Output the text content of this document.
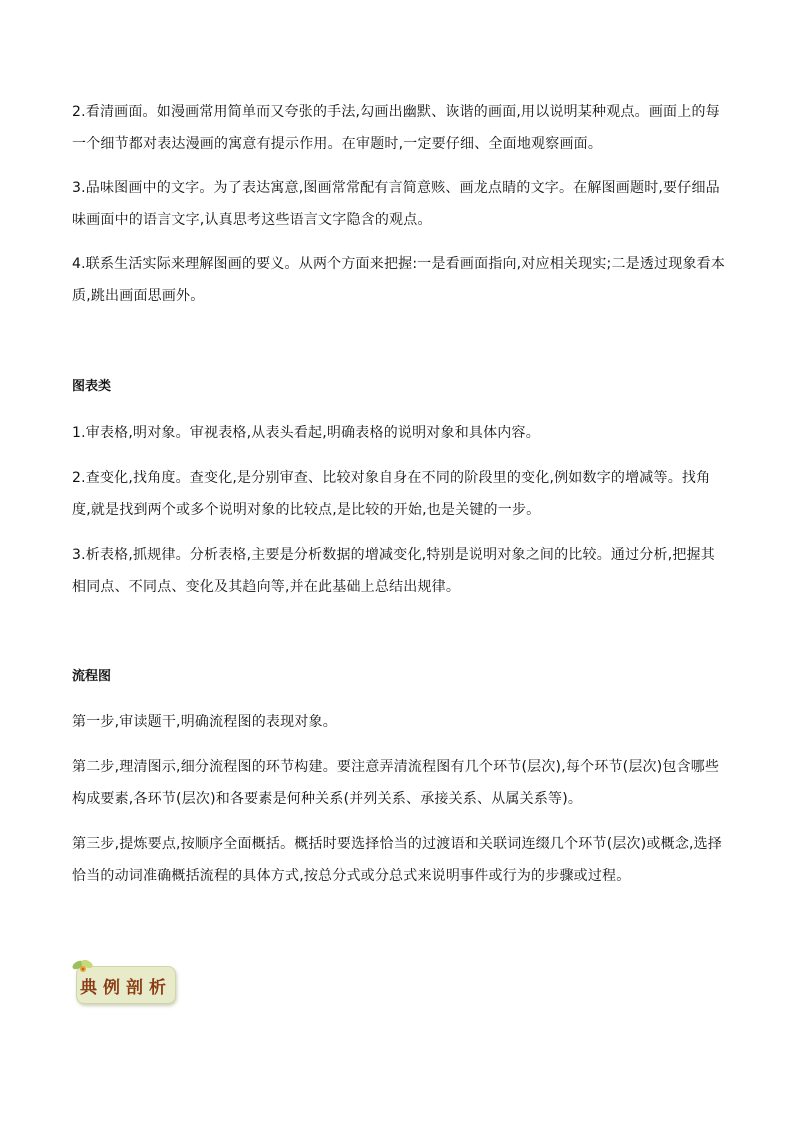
2.看清画面。如漫画常用简单而又夸张的手法,勾画出幽默、诙谐的画面,用以说明某种观点。画面上的每一个细节都对表达漫画的寓意有提示作用。在审题时,一定要仔细、全面地观察画面。

3.品味图画中的文字。为了表达寓意,图画常常配有言简意赅、画龙点睛的文字。在解图画题时,要仔细品味画面中的语言文字,认真思考这些语言文字隐含的观点。

4.联系生活实际来理解图画的要义。从两个方面来把握:一是看画面指向,对应相关现实;二是透过现象看本质,跳出画面思画外。

图表类

1.审表格,明对象。审视表格,从表头看起,明确表格的说明对象和具体内容。

2.查变化,找角度。查变化,是分别审查、比较对象自身在不同的阶段里的变化,例如数字的增减等。找角度,就是找到两个或多个说明对象的比较点,是比较的开始,也是关键的一步。

3.析表格,抓规律。分析表格,主要是分析数据的增减变化,特别是说明对象之间的比较。通过分析,把握其相同点、不同点、变化及其趋向等,并在此基础上总结出规律。

流程图

第一步,审读题干,明确流程图的表现对象。

第二步,理清图示,细分流程图的环节构建。要注意弄清流程图有几个环节(层次),每个环节(层次)包含哪些构成要素,各环节(层次)和各要素是何种关系(并列关系、承接关系、从属关系等)。

第三步,提炼要点,按顺序全面概括。概括时要选择恰当的过渡语和关联词连缀几个环节(层次)或概念,选择恰当的动词准确概括流程的具体方式,按总分式或分总式来说明事件或行为的步骤或过程。

典例剖析
